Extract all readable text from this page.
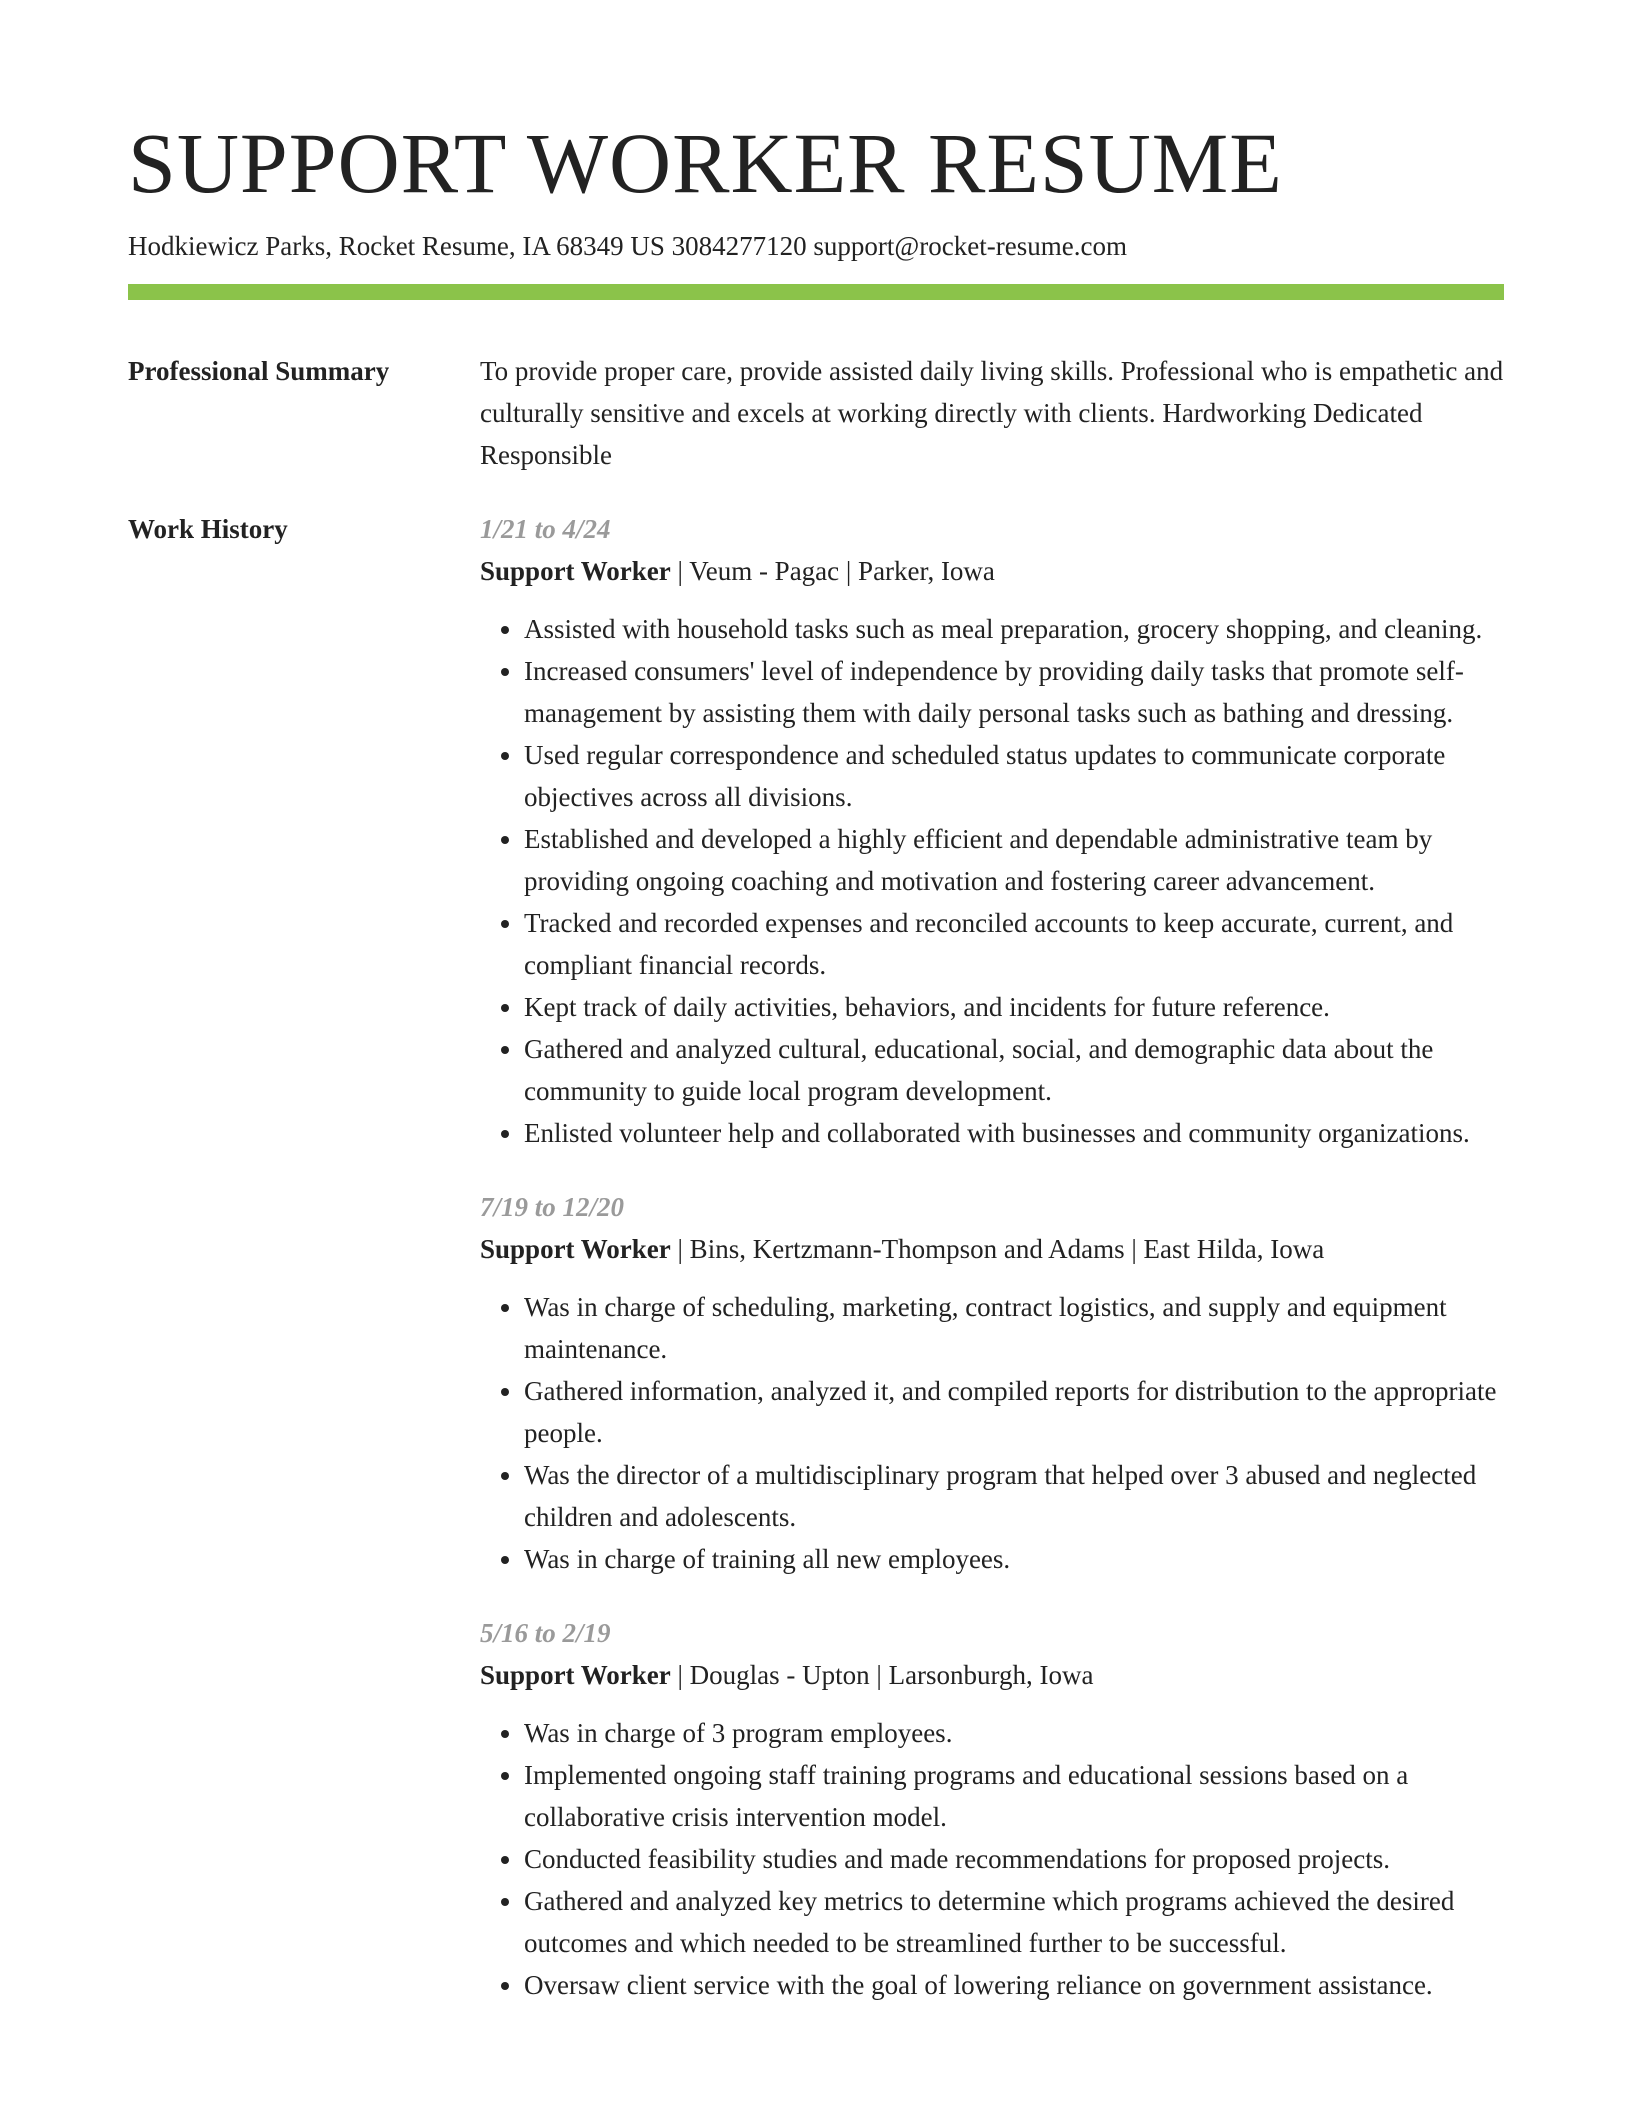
SUPPORT WORKER RESUME
Hodkiewicz Parks, Rocket Resume, IA 68349 US 3084277120 support@rocket-resume.com
Professional Summary	To provide proper care, provide assisted daily living skills. Professional who is empathetic and culturally sensitive and excels at working directly with clients. Hardworking Dedicated Responsible

Work History	1/21 to 4/24
Support Worker | Veum - Pagac | Parker, Iowa
• Assisted with household tasks such as meal preparation, grocery shopping, and cleaning.
• Increased consumers' level of independence by providing daily tasks that promote self-management by assisting them with daily personal tasks such as bathing and dressing.
• Used regular correspondence and scheduled status updates to communicate corporate objectives across all divisions.
• Established and developed a highly efficient and dependable administrative team by providing ongoing coaching and motivation and fostering career advancement.
• Tracked and recorded expenses and reconciled accounts to keep accurate, current, and compliant financial records.
• Kept track of daily activities, behaviors, and incidents for future reference.
• Gathered and analyzed cultural, educational, social, and demographic data about the community to guide local program development.
• Enlisted volunteer help and collaborated with businesses and community organizations.
7/19 to 12/20
Support Worker | Bins, Kertzmann-Thompson and Adams | East Hilda, Iowa
• Was in charge of scheduling, marketing, contract logistics, and supply and equipment maintenance.
• Gathered information, analyzed it, and compiled reports for distribution to the appropriate people.
• Was the director of a multidisciplinary program that helped over 3 abused and neglected children and adolescents.
• Was in charge of training all new employees.
5/16 to 2/19
Support Worker | Douglas - Upton | Larsonburgh, Iowa
• Was in charge of 3 program employees.
• Implemented ongoing staff training programs and educational sessions based on a collaborative crisis intervention model.
• Conducted feasibility studies and made recommendations for proposed projects.
• Gathered and analyzed key metrics to determine which programs achieved the desired outcomes and which needed to be streamlined further to be successful.
• Oversaw client service with the goal of lowering reliance on government assistance.
